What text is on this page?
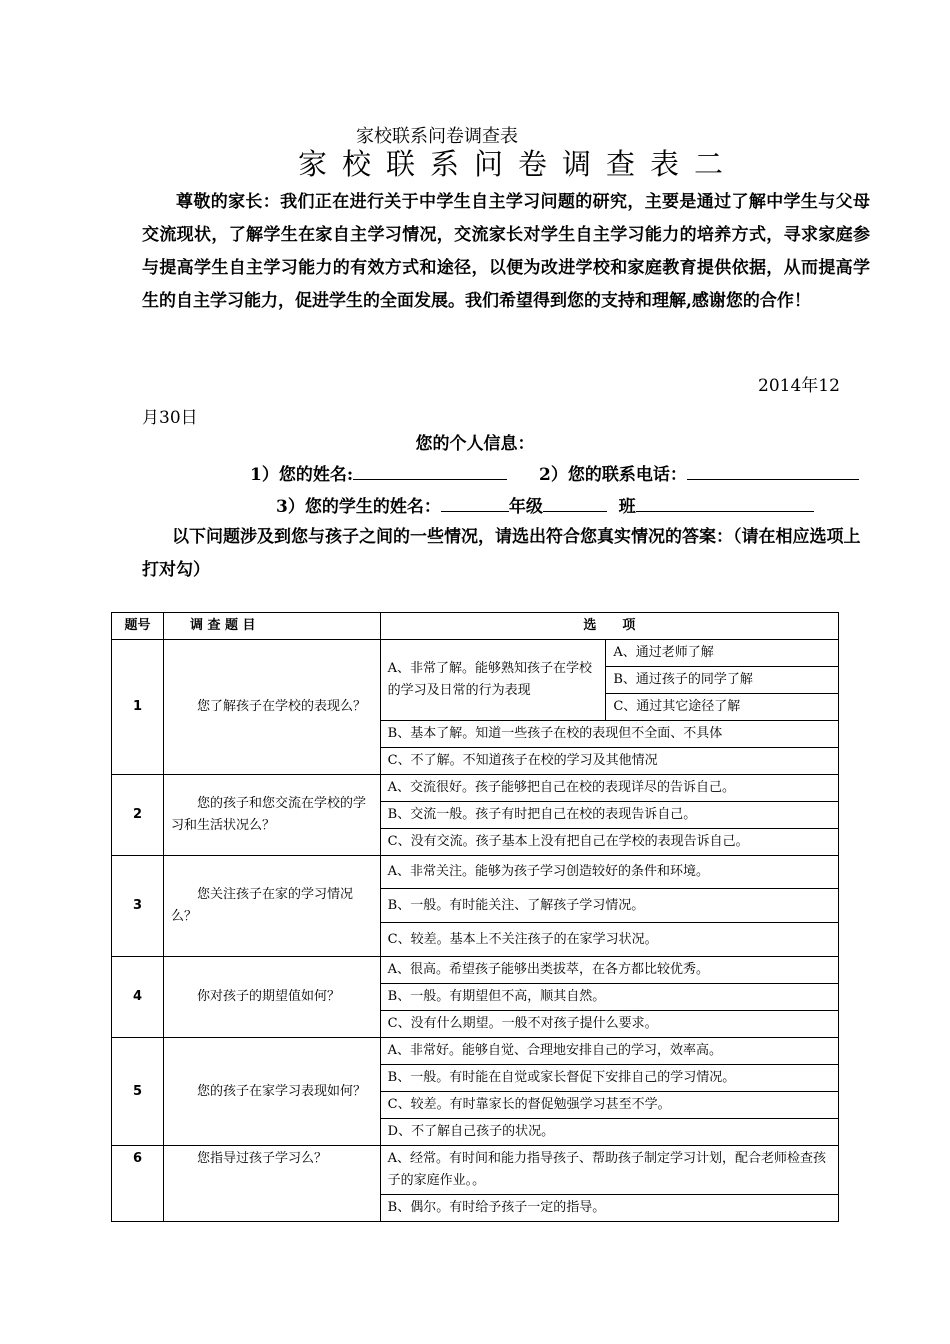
家校联系问卷调查表
家校联系问卷调查表二
尊敬的家长：我们正在进行关于中学生自主学习问题的研究，主要是通过了解中学生与父母交流现状，了解学生在家自主学习情况，交流家长对学生自主学习能力的培养方式，寻求家庭参与提高学生自主学习能力的有效方式和途径，以便为改进学校和家庭教育提供依据，从而提高学生的自主学习能力，促进学生的全面发展。我们希望得到您的支持和理解,感谢您的合作！
2014年12
月30日
您的个人信息：
1）您的姓名:	2）您的联系电话：
3）您的学生的姓名：	年级	班
以下问题涉及到您与孩子之间的一些情况，请选出符合您真实情况的答案：（请在相应选项上打对勾）
题号	调 查 题 目	选　　项	
1	您了解孩子在学校的表现么？	A、非常了解。能够熟知孩子在学校的学习及日常的行为表现	A、通过老师了解
			B、通过孩子的同学了解
			C、通过其它途径了解
		B、基本了解。知道一些孩子在校的表现但不全面、不具体	
		C、不了解。不知道孩子在校的学习及其他情况	
2	您的孩子和您交流在学校的学习和生活状况么？	A、交流很好。孩子能够把自己在校的表现详尽的告诉自己。	
		B、交流一般。孩子有时把自己在校的表现告诉自己。	
		C、没有交流。孩子基本上没有把自己在学校的表现告诉自己。	
3	您关注孩子在家的学习情况么？	A、非常关注。能够为孩子学习创造较好的条件和环境。	
		B、一般。有时能关注、了解孩子学习情况。	
		C、较差。基本上不关注孩子的在家学习状况。	
4	你对孩子的期望值如何？	A、很高。希望孩子能够出类拔萃，在各方都比较优秀。	
		B、一般。有期望但不高，顺其自然。	
		C、没有什么期望。一般不对孩子提什么要求。	
5	您的孩子在家学习表现如何？	A、非常好。能够自觉、合理地安排自己的学习，效率高。	
		B、一般。有时能在自觉或家长督促下安排自己的学习情况。	
		C、较差。有时靠家长的督促勉强学习甚至不学。	
		D、不了解自己孩子的状况。	
6	您指导过孩子学习么？	A、经常。有时间和能力指导孩子、帮助孩子制定学习计划，配合老师检查孩子的家庭作业。。	
		B、偶尔。有时给予孩子一定的指导。	
